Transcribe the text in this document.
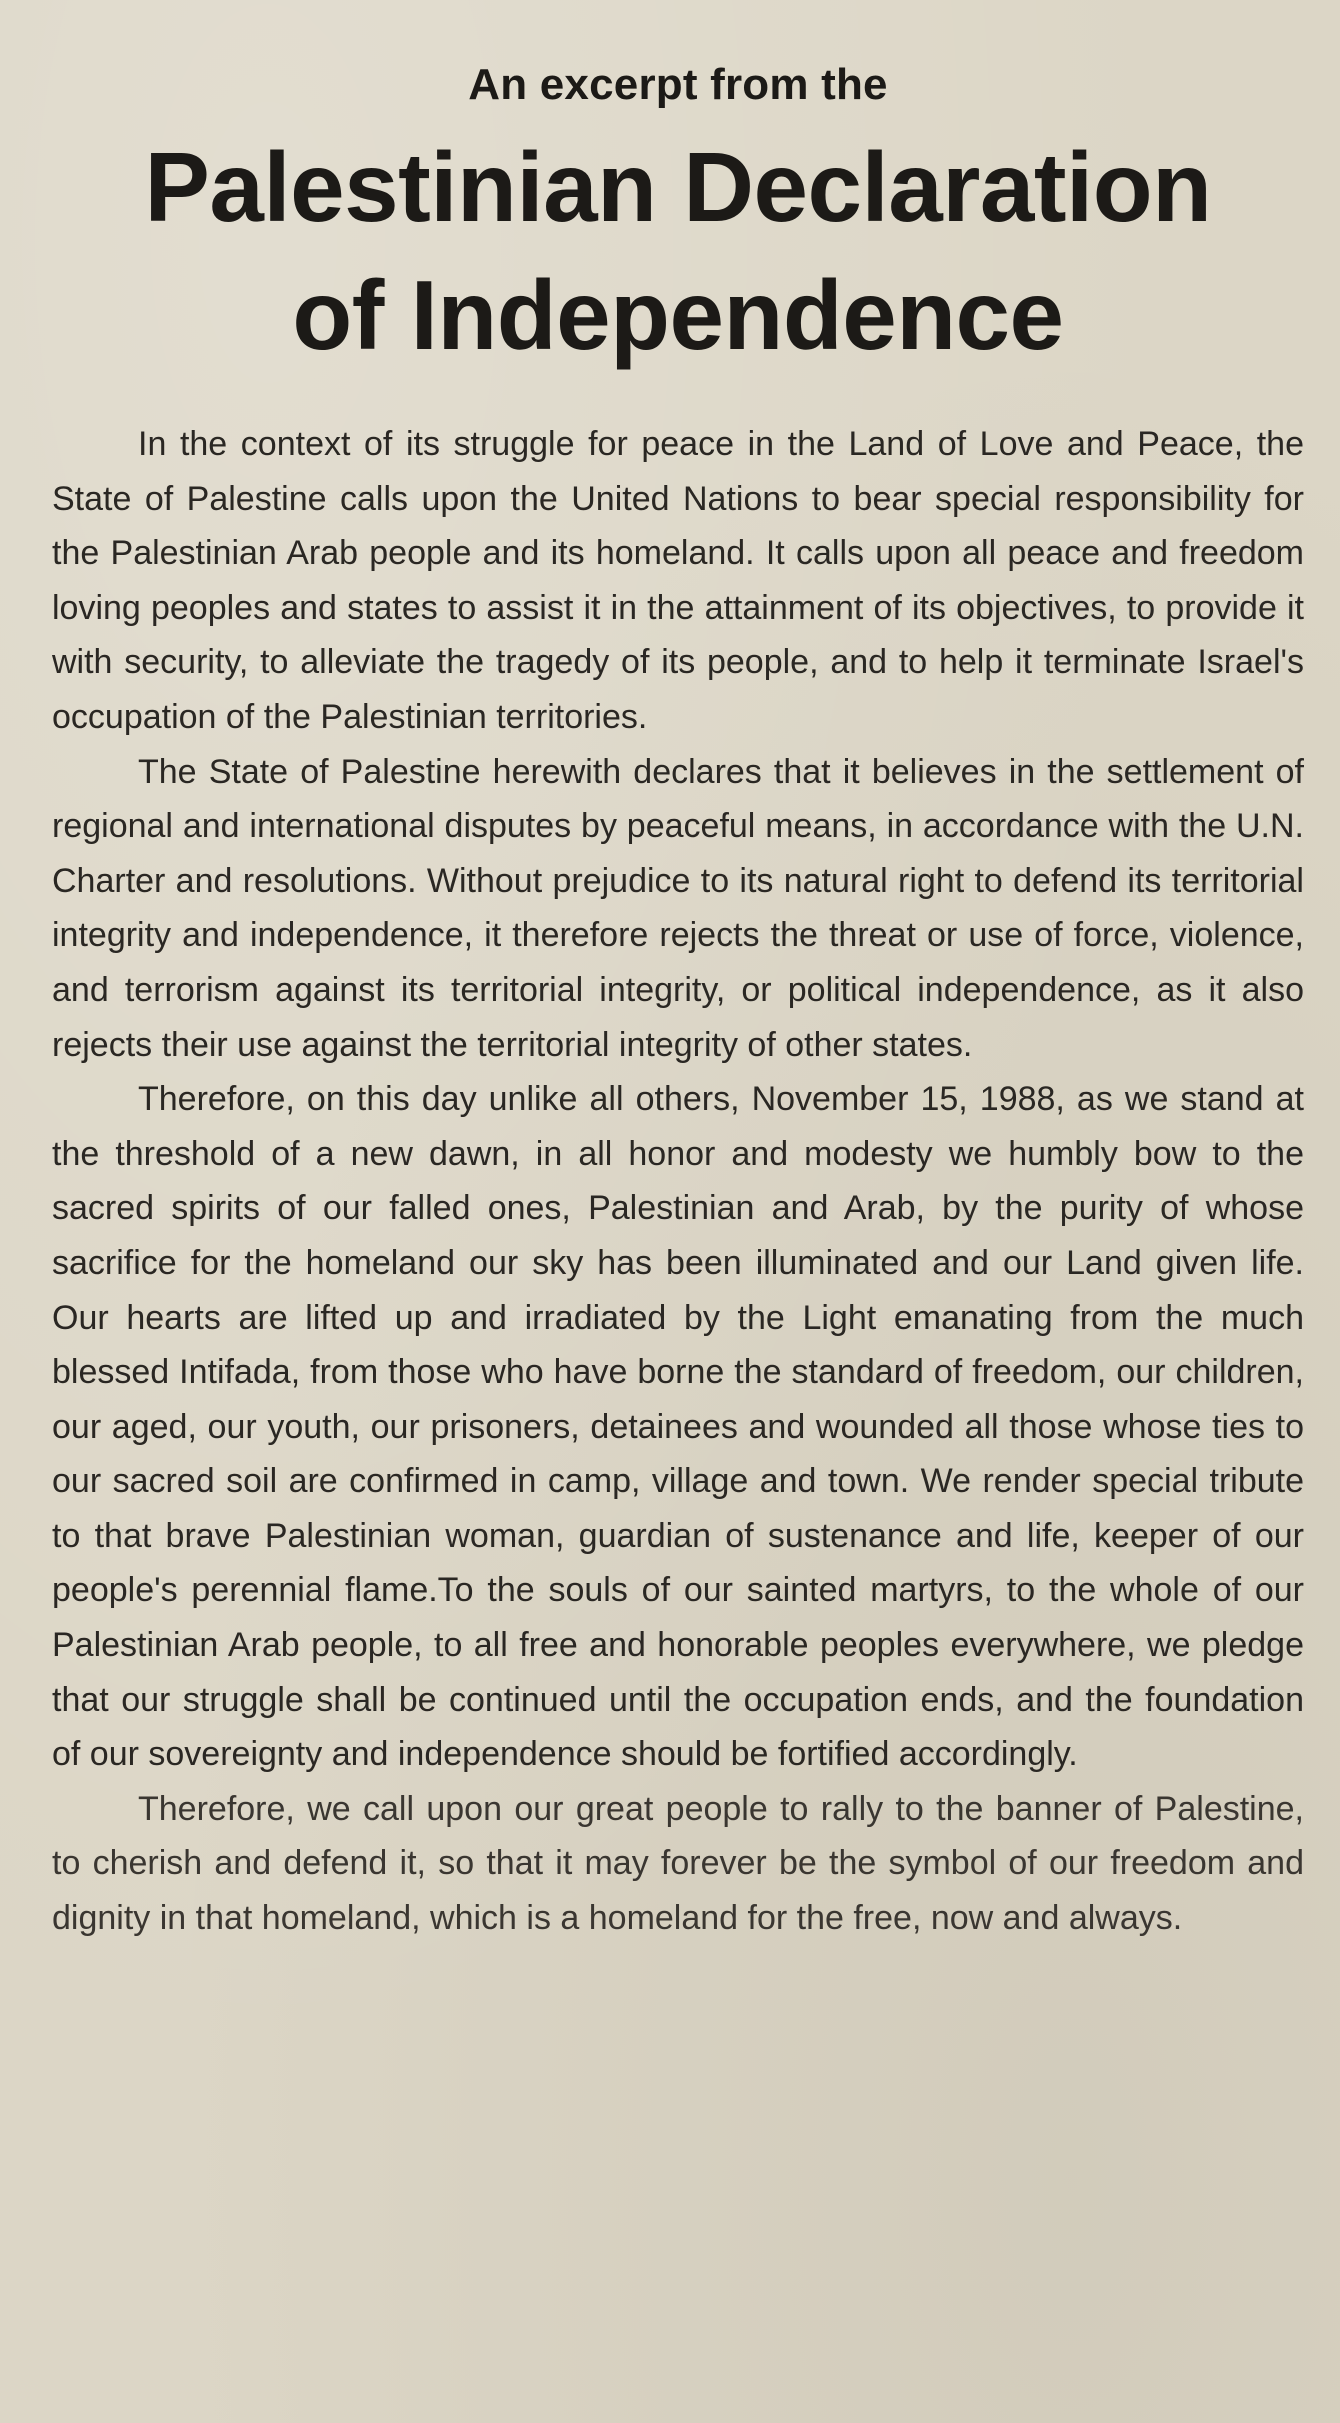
An excerpt from the
Palestinian Declaration
of Independence

In the context of its struggle for peace in the Land of Love and Peace, the State of Palestine calls upon the United Nations to bear special responsibility for the Palestinian Arab people and its homeland. It calls upon all peace and freedom loving peoples and states to assist it in the attainment of its objectives, to provide it with security, to alleviate the tragedy of its people, and to help it terminate Israel's occupation of the Palestinian territories.

The State of Palestine herewith declares that it believes in the settlement of regional and international disputes by peaceful means, in accordance with the U.N. Charter and resolutions. Without prejudice to its natural right to defend its territorial integrity and independence, it therefore rejects the threat or use of force, violence, and terrorism against its territorial integrity, or political independence, as it also rejects their use against the territorial integrity of other states.

Therefore, on this day unlike all others, November 15, 1988, as we stand at the threshold of a new dawn, in all honor and modesty we humbly bow to the sacred spirits of our falled ones, Palestinian and Arab, by the purity of whose sacrifice for the homeland our sky has been illuminated and our Land given life. Our hearts are lifted up and irradiated by the Light emanating from the much blessed Intifada, from those who have borne the standard of freedom, our children, our aged, our youth, our prisoners, detainees and wounded all those whose ties to our sacred soil are confirmed in camp, village and town. We render special tribute to that brave Palestinian woman, guardian of sustenance and life, keeper of our people's perennial flame.To the souls of our sainted martyrs, to the whole of our Palestinian Arab people, to all free and honorable peoples everywhere, we pledge that our struggle shall be continued until the occupation ends, and the foundation of our sovereignty and independence should be fortified accordingly.

Therefore, we call upon our great people to rally to the banner of Palestine, to cherish and defend it, so that it may forever be the symbol of our freedom and dignity in that homeland, which is a homeland for the free, now and always.
